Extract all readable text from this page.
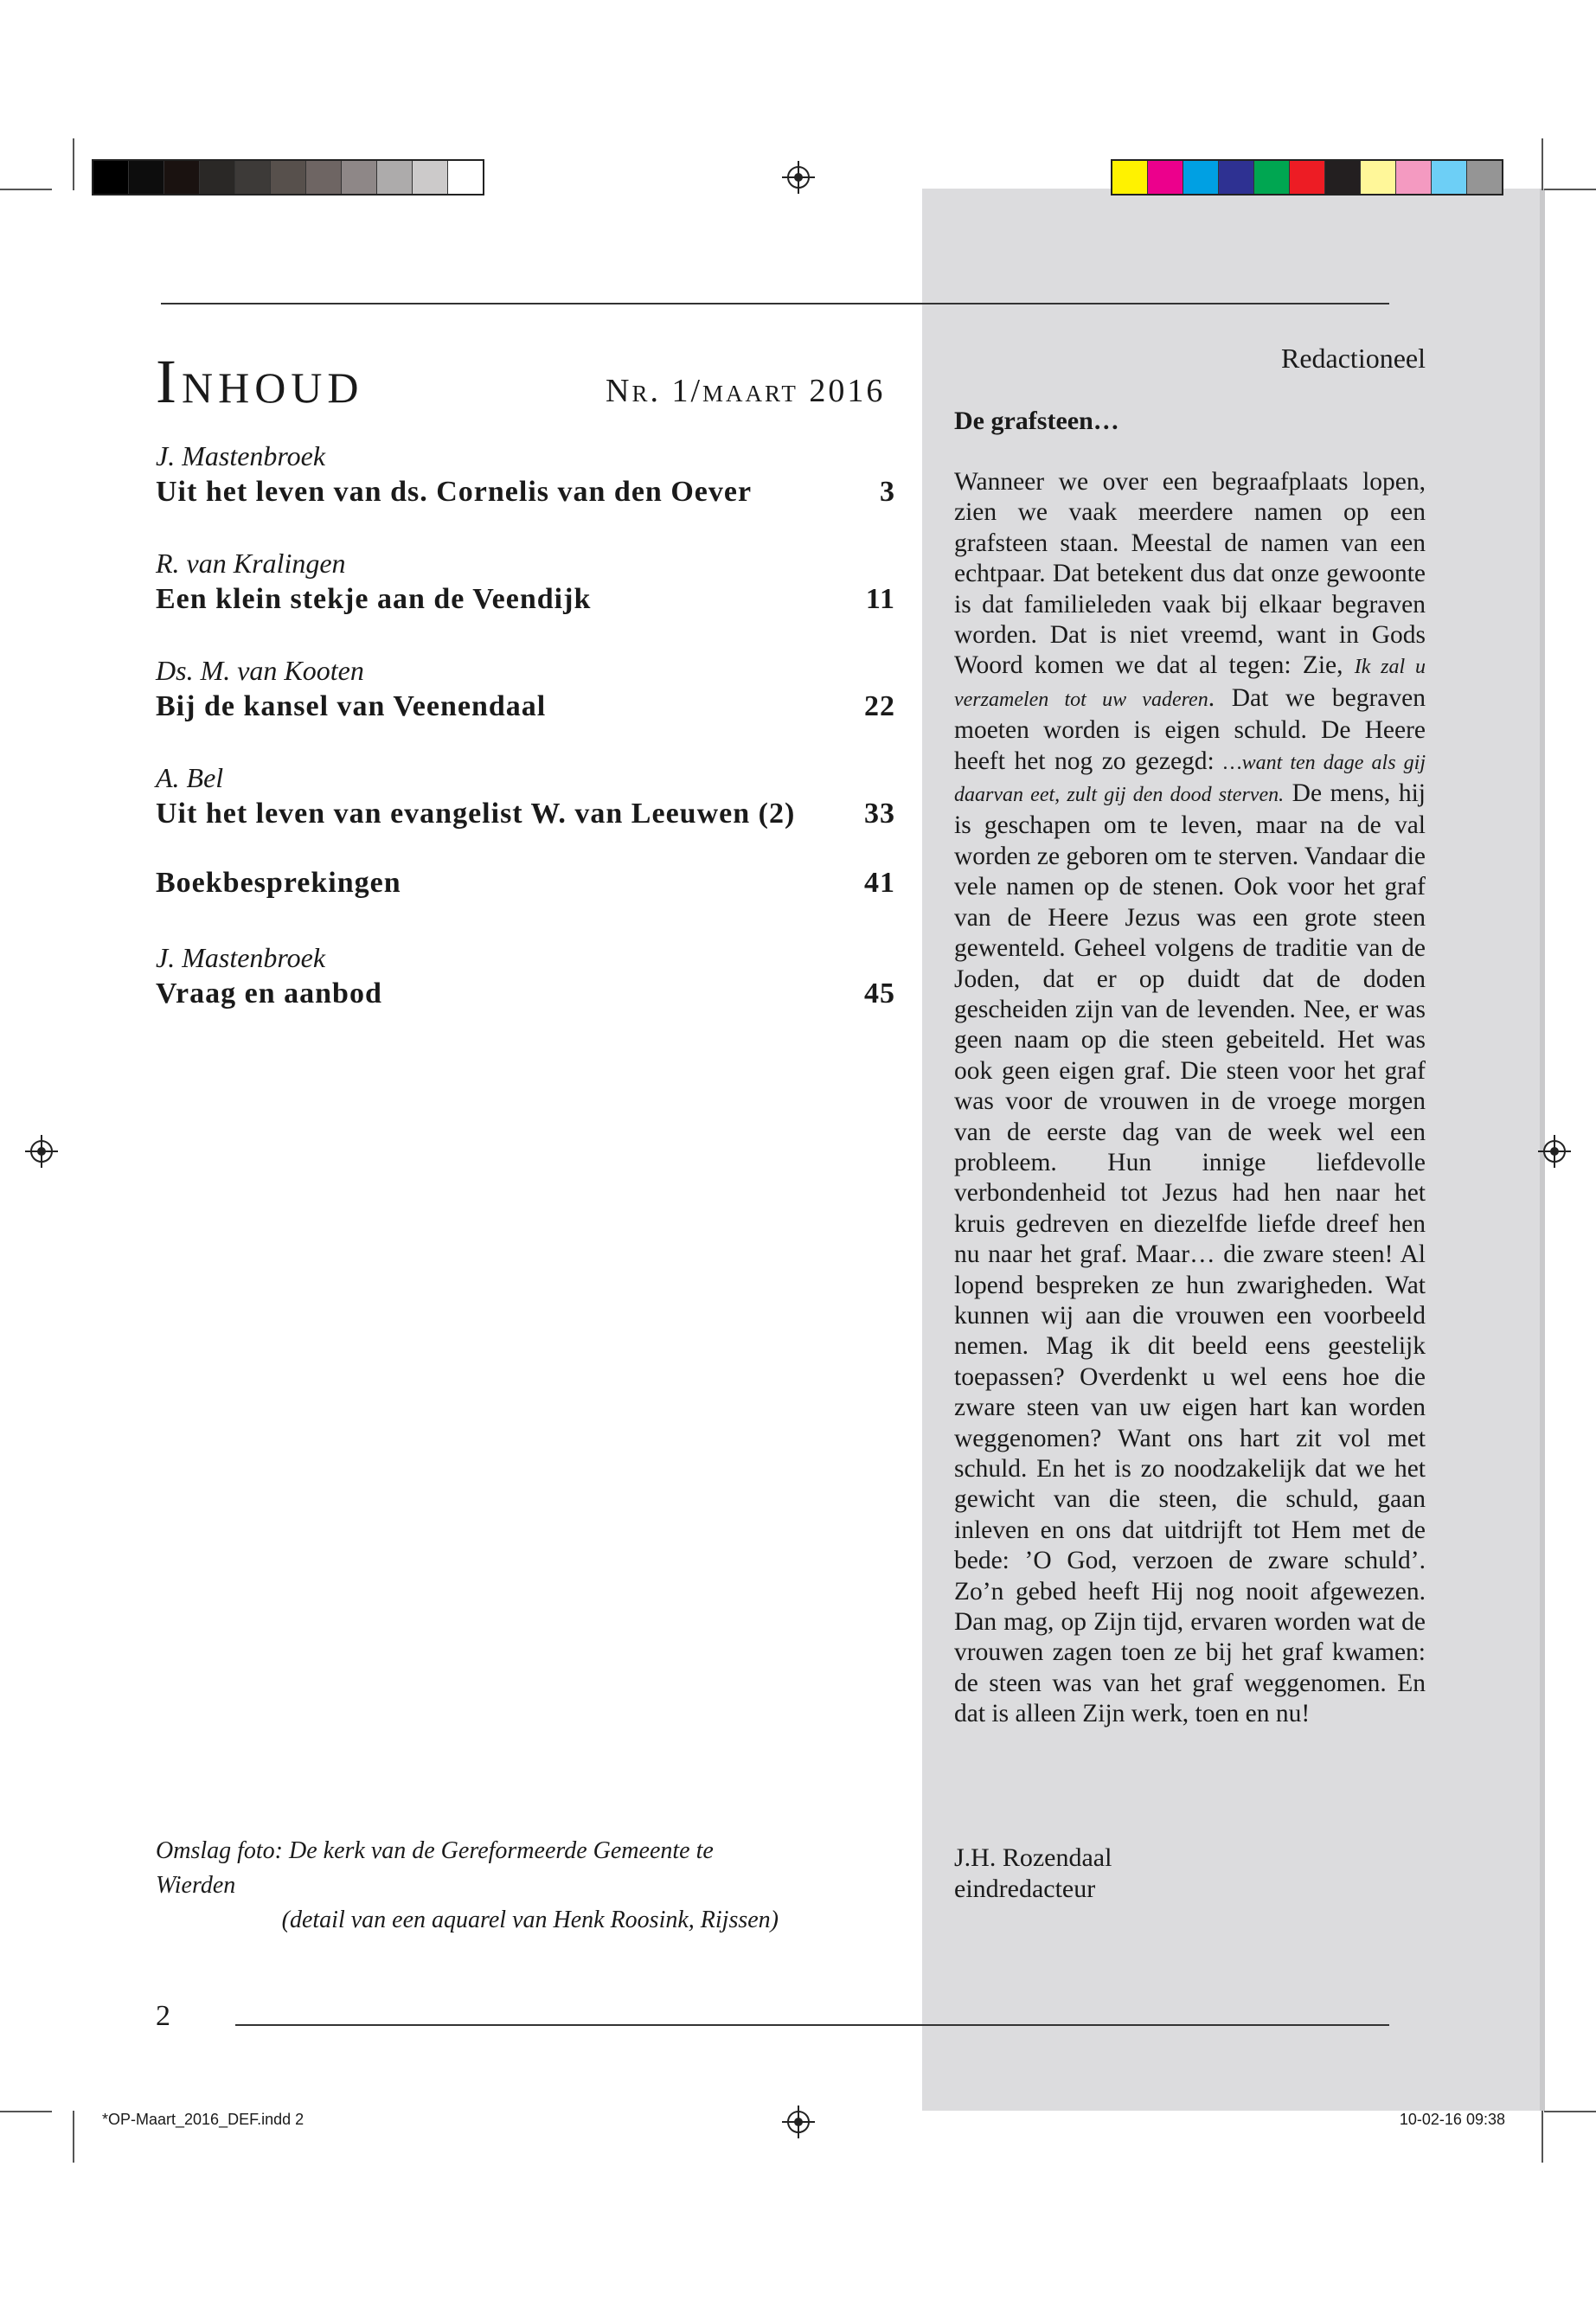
Inhoud	Nr. 1/maart 2016
J. Mastenbroek
Uit het leven van ds. Cornelis van den Oever	3
R. van Kralingen
Een klein stekje aan de Veendijk	11
Ds. M. van Kooten
Bij de kansel van Veenendaal	22
A. Bel
Uit het leven van evangelist W. van Leeuwen (2) 33
Boekbesprekingen	41
J. Mastenbroek
Vraag en aanbod	45
Omslag foto: De kerk van de Gereformeerde Gemeente te Wierden
(detail van een aquarel van Henk Roosink, Rijssen)
2
Redactioneel
De grafsteen…
Wanneer we over een begraafplaats lopen, zien we vaak meerdere namen op een grafsteen staan. Meestal de namen van een echtpaar. Dat betekent dus dat onze gewoonte is dat familieleden vaak bij elkaar begraven worden. Dat is niet vreemd, want in Gods Woord komen we dat al tegen: Zie, Ik zal u verzamelen tot uw vaderen. Dat we begraven moeten worden is eigen schuld. De Heere heeft het nog zo gezegd: …want ten dage als gij daarvan eet, zult gij den dood sterven. De mens, hij is geschapen om te leven, maar na de val worden ze geboren om te sterven. Vandaar die vele namen op de stenen. Ook voor het graf van de Heere Jezus was een grote steen gewenteld. Geheel volgens de traditie van de Joden, dat er op duidt dat de doden gescheiden zijn van de levenden. Nee, er was geen naam op die steen gebeiteld. Het was ook geen eigen graf. Die steen voor het graf was voor de vrouwen in de vroege morgen van de eerste dag van de week wel een probleem. Hun innige liefdevolle verbondenheid tot Jezus had hen naar het kruis gedreven en diezelfde liefde dreef hen nu naar het graf. Maar… die zware steen! Al lopend bespreken ze hun zwarigheden. Wat kunnen wij aan die vrouwen een voorbeeld nemen. Mag ik dit beeld eens geestelijk toepassen? Overdenkt u wel eens hoe die zware steen van uw eigen hart kan worden weggenomen? Want ons hart zit vol met schuld. En het is zo noodzakelijk dat we het gewicht van die steen, die schuld, gaan inleven en ons dat uitdrijft tot Hem met de bede: ’O God, verzoen de zware schuld’. Zo’n gebed heeft Hij nog nooit afgewezen. Dan mag, op Zijn tijd, ervaren worden wat de vrouwen zagen toen ze bij het graf kwamen: de steen was van het graf weggenomen. En dat is alleen Zijn werk, toen en nu!
J.H. Rozendaal
eindredacteur
*OP-Maart_2016_DEF.indd 2	10-02-16 09:38
